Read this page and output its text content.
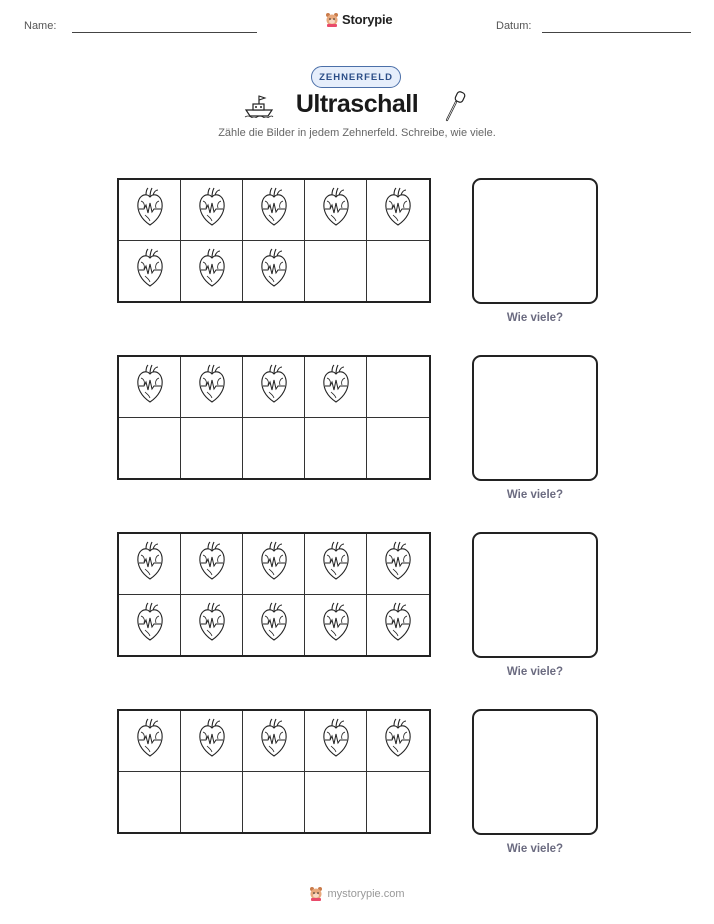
Name:	Storypie	Datum:
ZEHNERFELD
Ultraschall
Zähle die Bilder in jedem Zehnerfeld. Schreibe, wie viele.
Wie viele?
Wie viele?
Wie viele?
Wie viele?
mystorypie.com
